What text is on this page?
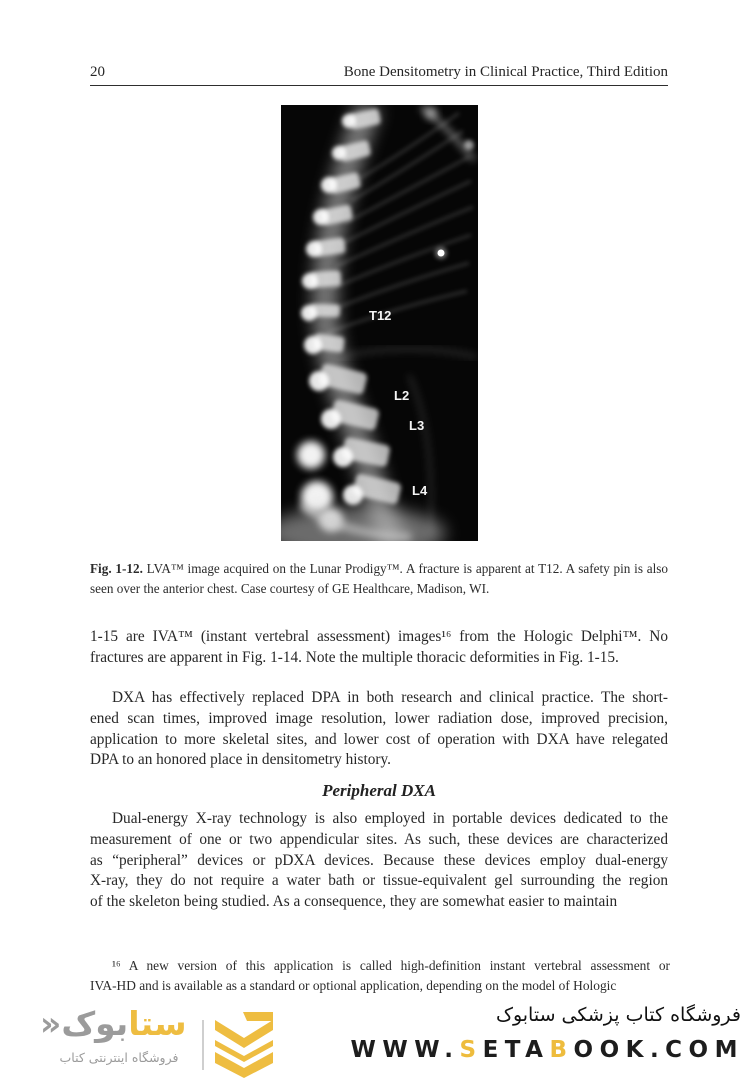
20	Bone Densitometry in Clinical Practice, Third Edition
T12
L2
L3
L4
Fig. 1-12. LVA™ image acquired on the Lunar Prodigy™. A fracture is apparent at T12. A safety pin is also seen over the anterior chest. Case courtesy of GE Healthcare, Madison, WI.
1-15 are IVA™ (instant vertebral assessment) images¹⁶ from the Hologic Delphi™. No
fractures are apparent in Fig. 1-14. Note the multiple thoracic deformities in Fig. 1-15.
DXA has effectively replaced DPA in both research and clinical practice. The short-
ened scan times, improved image resolution, lower radiation dose, improved precision,
application to more skeletal sites, and lower cost of operation with DXA have relegated
DPA to an honored place in densitometry history.
Peripheral DXA
Dual-energy X-ray technology is also employed in portable devices dedicated to the
measurement of one or two appendicular sites. As such, these devices are characterized
as “peripheral” devices or pDXA devices. Because these devices employ dual-energy
X-ray, they do not require a water bath or tissue-equivalent gel surrounding the region
of the skeleton being studied. As a consequence, they are somewhat easier to maintain
¹⁶ A new version of this application is called high-definition instant vertebral assessment or
IVA-HD and is available as a standard or optional application, depending on the model of Hologic
فروشگاه کتاب پزشکی ستابوک
WWW.SETABOOK.COM
ستابوک«
فروشگاه اینترنتی کتاب
